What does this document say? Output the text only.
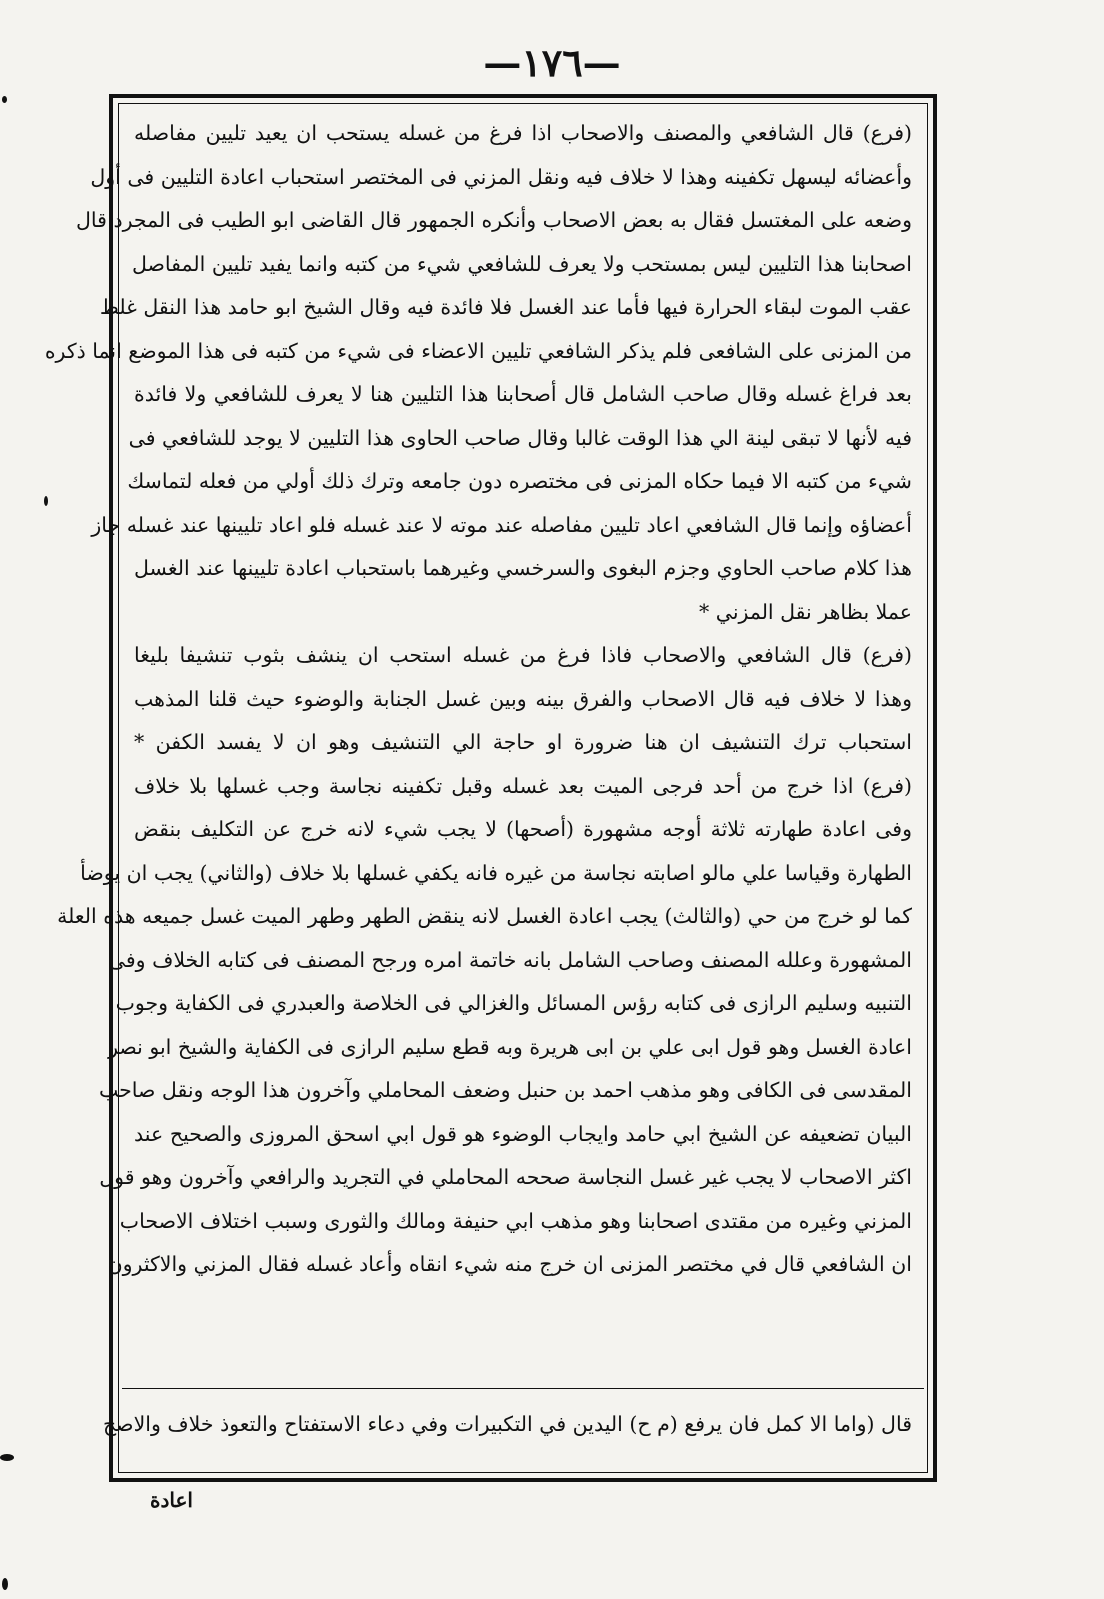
—١٧٦—
(فرع) قال الشافعي والمصنف والاصحاب اذا فرغ من غسله يستحب ان يعيد تليين مفاصله
وأعضائه ليسهل تكفينه وهذا لا خلاف فيه ونقل المزني فى المختصر استحباب اعادة التليين فى أول
وضعه على المغتسل فقال به بعض الاصحاب وأنكره الجمهور قال القاضى ابو الطيب فى المجرد قال
اصحابنا هذا التليين ليس بمستحب ولا يعرف للشافعي شيء من كتبه وانما يفيد تليين المفاصل
عقب الموت لبقاء الحرارة فيها فأما عند الغسل فلا فائدة فيه وقال الشيخ ابو حامد هذا النقل غلط
من المزنى على الشافعى فلم يذكر الشافعي تليين الاعضاء فى شيء من كتبه فى هذا الموضع انما ذكره
بعد فراغ غسله وقال صاحب الشامل قال أصحابنا هذا التليين هنا لا يعرف للشافعي ولا فائدة
فيه لأنها لا تبقى لينة الي هذا الوقت غالبا وقال صاحب الحاوى هذا التليين لا يوجد للشافعي فى
شيء من كتبه الا فيما حكاه المزنى فى مختصره دون جامعه وترك ذلك أولي من فعله لتماسك
أعضاؤه وإنما قال الشافعي اعاد تليين مفاصله عند موته لا عند غسله فلو اعاد تليينها عند غسله جاز
هذا كلام صاحب الحاوي وجزم البغوى والسرخسي وغيرهما باستحباب اعادة تليينها عند الغسل
عملا بظاهر نقل المزني *
(فرع) قال الشافعي والاصحاب فاذا فرغ من غسله استحب ان ينشف بثوب تنشيفا بليغا
وهذا لا خلاف فيه قال الاصحاب والفرق بينه وبين غسل الجنابة والوضوء حيث قلنا المذهب
استحباب ترك التنشيف ان هنا ضرورة او حاجة الي التنشيف وهو ان لا يفسد الكفن *
(فرع) اذا خرج من أحد فرجى الميت بعد غسله وقبل تكفينه نجاسة وجب غسلها بلا خلاف
وفى اعادة طهارته ثلاثة أوجه مشهورة (أصحها) لا يجب شيء لانه خرج عن التكليف بنقض
الطهارة وقياسا علي مالو اصابته نجاسة من غيره فانه يكفي غسلها بلا خلاف (والثاني) يجب ان يوضأ
كما لو خرج من حي (والثالث) يجب اعادة الغسل لانه ينقض الطهر وطهر الميت غسل جميعه هذه العلة
المشهورة وعلله المصنف وصاحب الشامل بانه خاتمة امره ورجح المصنف فى كتابه الخلاف وفى
التنبيه وسليم الرازى فى كتابه رؤس المسائل والغزالي فى الخلاصة والعبدري فى الكفاية وجوب
اعادة الغسل وهو قول ابى علي بن ابى هريرة وبه قطع سليم الرازى فى الكفاية والشيخ ابو نصر
المقدسى فى الكافى وهو مذهب احمد بن حنبل وضعف المحاملي وآخرون هذا الوجه ونقل صاحب
البيان تضعيفه عن الشيخ ابي حامد وايجاب الوضوء هو قول ابي اسحق المروزى والصحيح عند
اكثر الاصحاب لا يجب غير غسل النجاسة صححه المحاملي في التجريد والرافعي وآخرون وهو قول
المزني وغيره من مقتدى اصحابنا وهو مذهب ابي حنيفة ومالك والثورى وسبب اختلاف الاصحاب
ان الشافعي قال في مختصر المزنى ان خرج منه شيء انقاه وأعاد غسله فقال المزني والاكثرون
قال (واما الا كمل فان يرفع (م ح) اليدين في التكبيرات وفي دعاء الاستفتاح والتعوذ خلاف والاصح
اعادة
